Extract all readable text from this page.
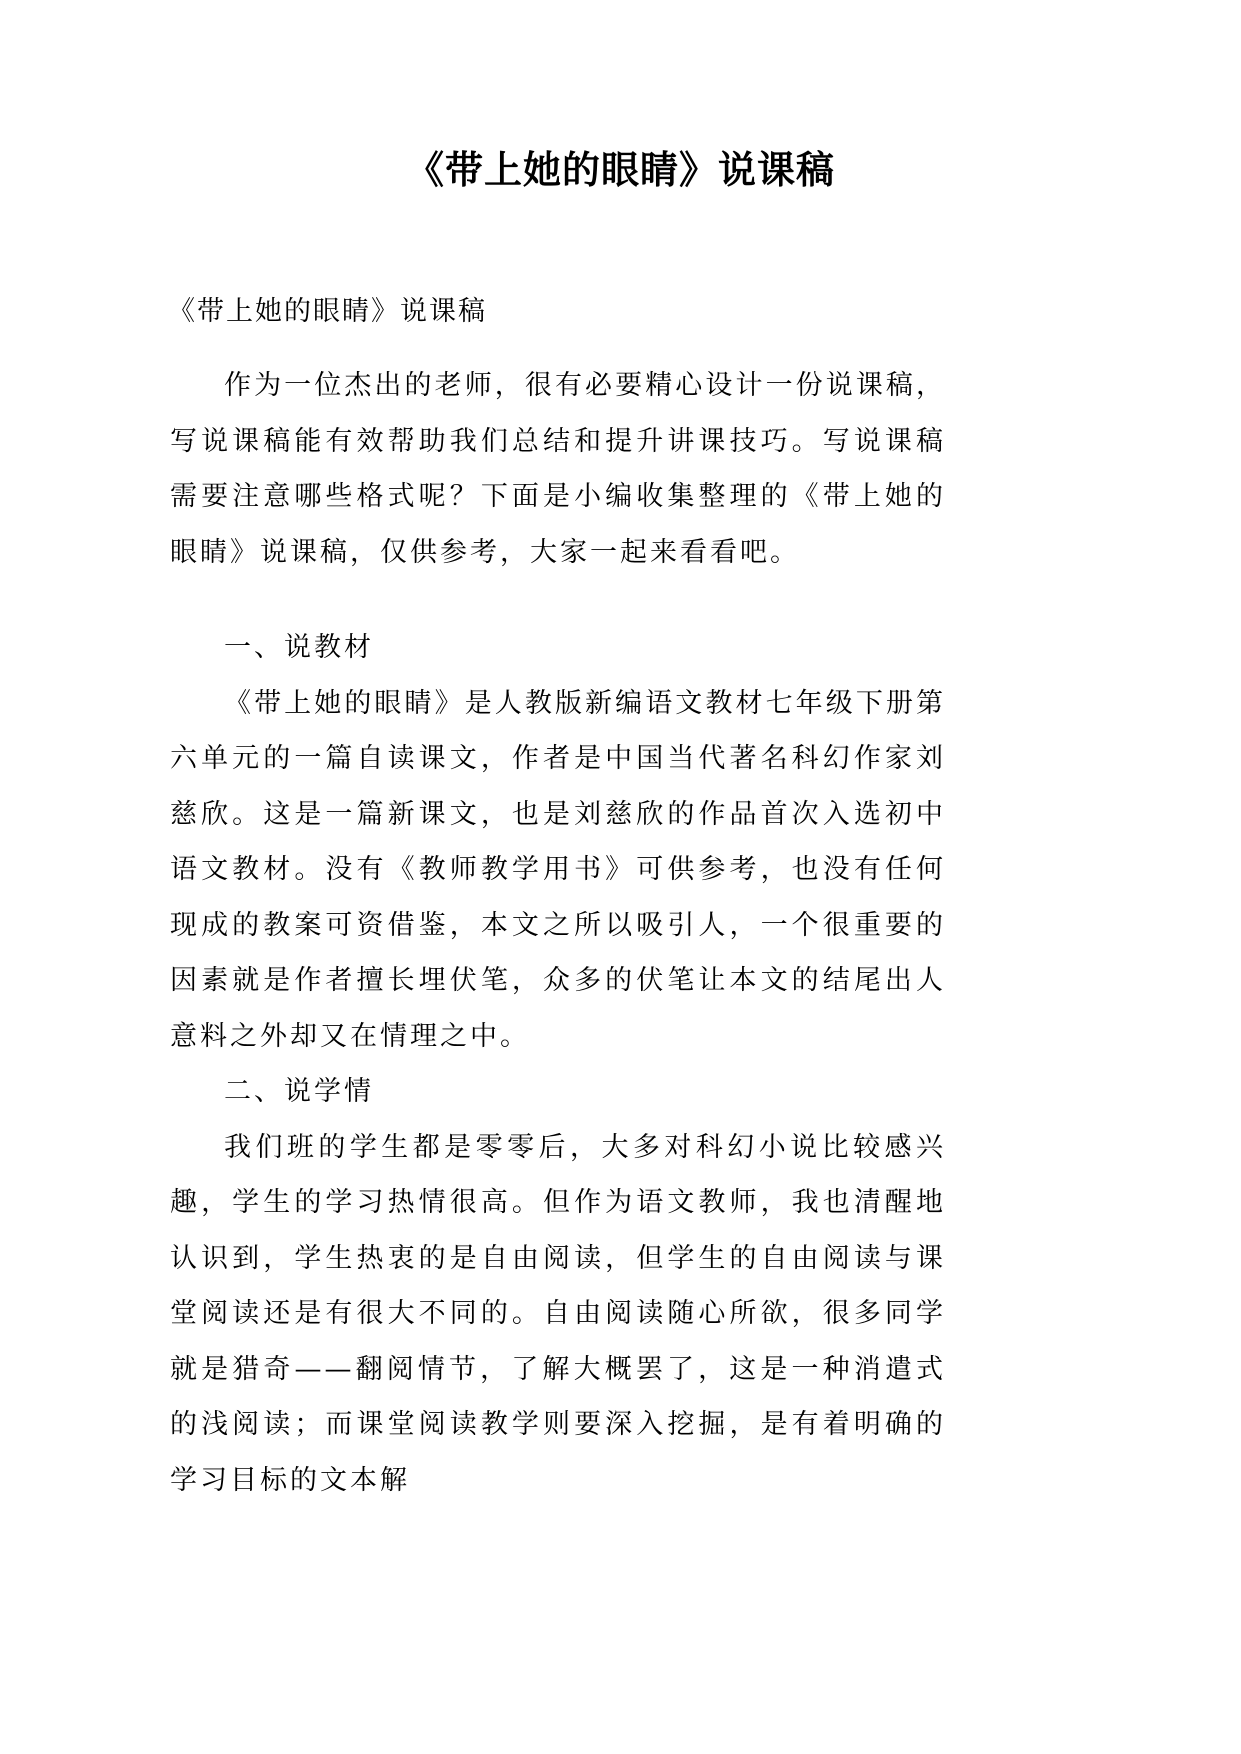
《带上她的眼睛》说课稿

《带上她的眼睛》说课稿

作为一位杰出的老师，很有必要精心设计一份说课稿，写说课稿能有效帮助我们总结和提升讲课技巧。写说课稿需要注意哪些格式呢？下面是小编收集整理的《带上她的眼睛》说课稿，仅供参考，大家一起来看看吧。

一、说教材

《带上她的眼睛》是人教版新编语文教材七年级下册第六单元的一篇自读课文，作者是中国当代著名科幻作家刘慈欣。这是一篇新课文，也是刘慈欣的作品首次入选初中语文教材。没有《教师教学用书》可供参考，也没有任何现成的教案可资借鉴，本文之所以吸引人，一个很重要的因素就是作者擅长埋伏笔，众多的伏笔让本文的结尾出人意料之外却又在情理之中。

二、说学情

我们班的学生都是零零后，大多对科幻小说比较感兴趣，学生的学习热情很高。但作为语文教师，我也清醒地认识到，学生热衷的是自由阅读，但学生的自由阅读与课堂阅读还是有很大不同的。自由阅读随心所欲，很多同学就是猎奇——翻阅情节，了解大概罢了，这是一种消遣式的浅阅读；而课堂阅读教学则要深入挖掘，是有着明确的学习目标的文本解
